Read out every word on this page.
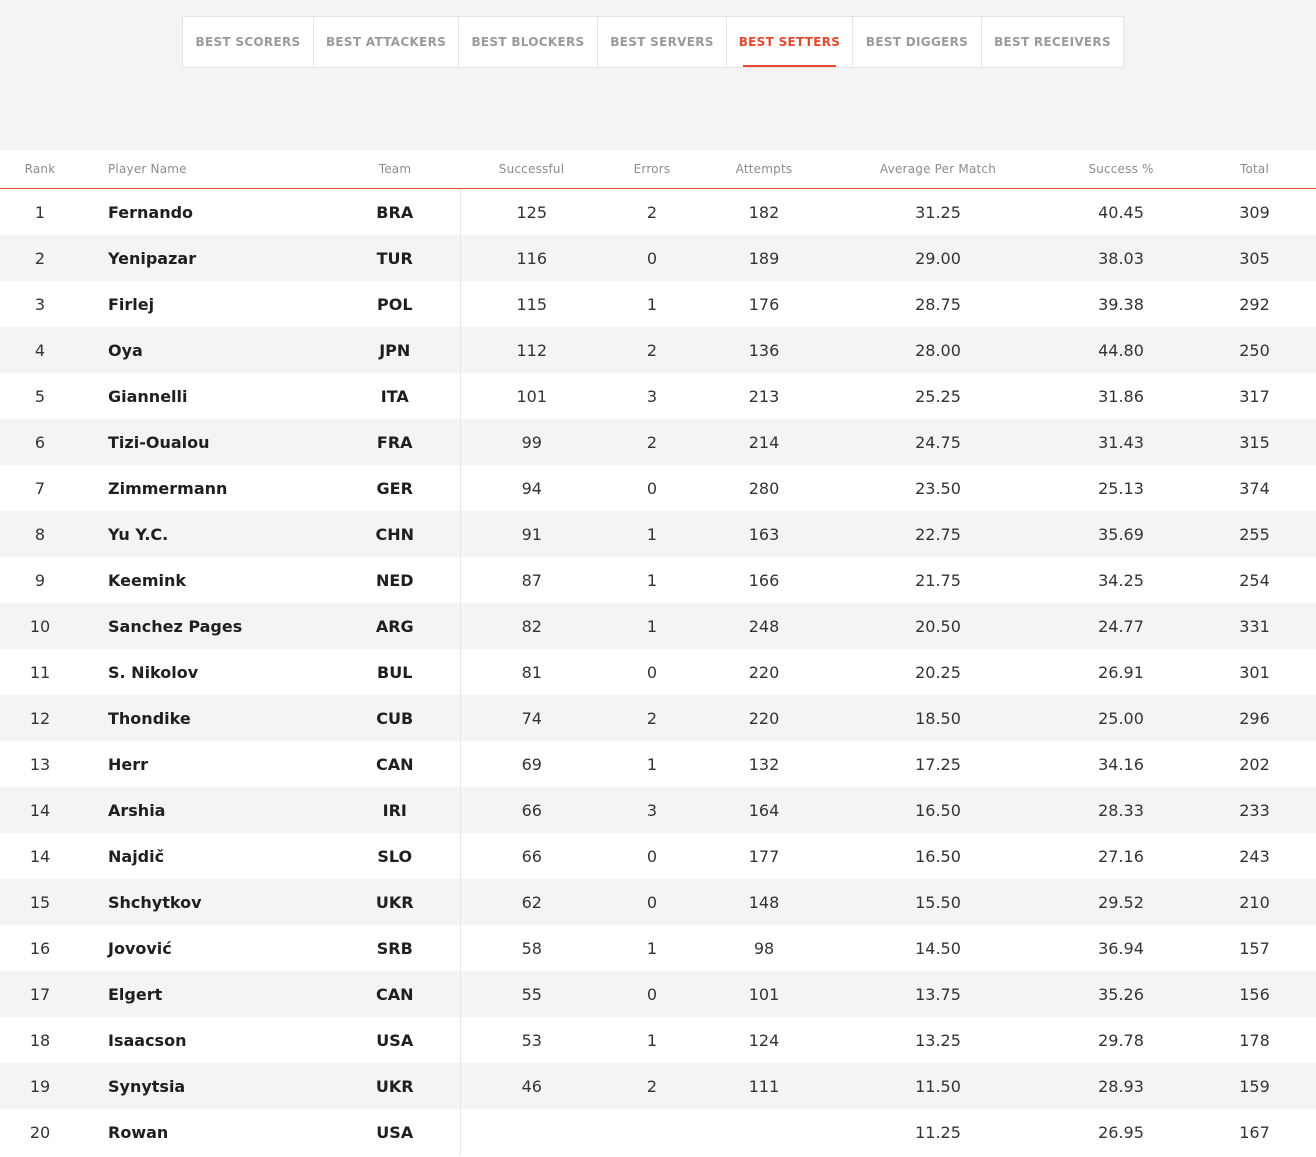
BEST SCORERS	BEST ATTACKERS	BEST BLOCKERS	BEST SERVERS	BEST SETTERS	BEST DIGGERS	BEST RECEIVERS
Rank	Player Name	Team	Successful	Errors	Attempts	Average Per Match	Success %	Total
1	Fernando	BRA	125	2	182	31.25	40.45	309
2	Yenipazar	TUR	116	0	189	29.00	38.03	305
3	Firlej	POL	115	1	176	28.75	39.38	292
4	Oya	JPN	112	2	136	28.00	44.80	250
5	Giannelli	ITA	101	3	213	25.25	31.86	317
6	Tizi-Oualou	FRA	99	2	214	24.75	31.43	315
7	Zimmermann	GER	94	0	280	23.50	25.13	374
8	Yu Y.C.	CHN	91	1	163	22.75	35.69	255
9	Keemink	NED	87	1	166	21.75	34.25	254
10	Sanchez Pages	ARG	82	1	248	20.50	24.77	331
11	S. Nikolov	BUL	81	0	220	20.25	26.91	301
12	Thondike	CUB	74	2	220	18.50	25.00	296
13	Herr	CAN	69	1	132	17.25	34.16	202
14	Arshia	IRI	66	3	164	16.50	28.33	233
14	Najdič	SLO	66	0	177	16.50	27.16	243
15	Shchytkov	UKR	62	0	148	15.50	29.52	210
16	Jovović	SRB	58	1	98	14.50	36.94	157
17	Elgert	CAN	55	0	101	13.75	35.26	156
18	Isaacson	USA	53	1	124	13.25	29.78	178
19	Synytsia	UKR	46	2	111	11.50	28.93	159
20	Rowan	USA				11.25	26.95	167
